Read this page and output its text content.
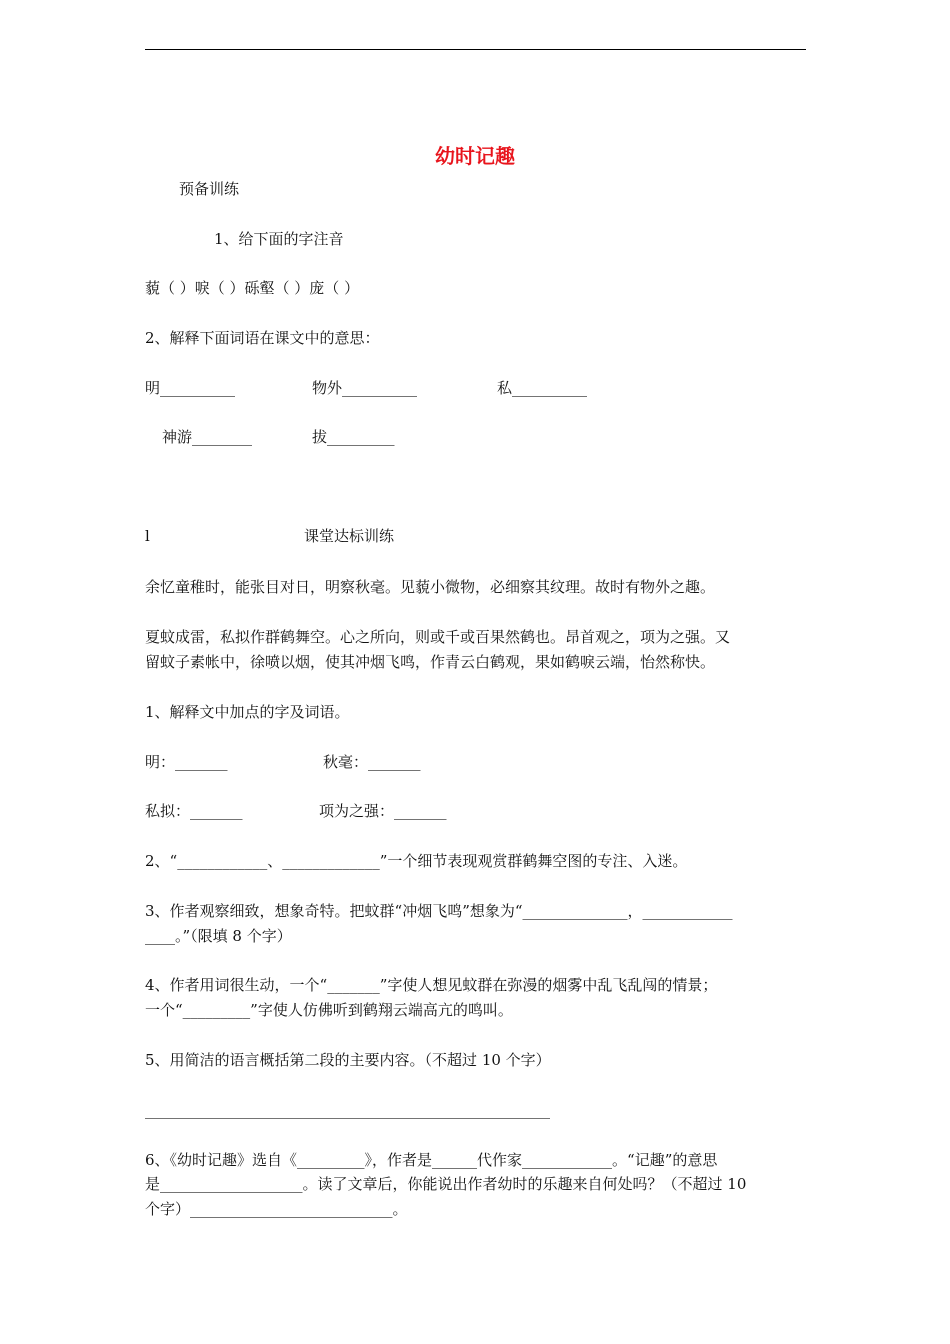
幼时记趣
预备训练
1、给下面的字注音
藐（ ）唳（ ）砾壑（ ）庞（ ）
2、解释下面词语在课文中的意思：
明__________	物外__________	私__________
神游________	拔_________
l	课堂达标训练
余忆童稚时，能张目对日，明察秋毫。见藐小微物，必细察其纹理。故时有物外之趣。
夏蚊成雷，私拟作群鹤舞空。心之所向，则或千或百果然鹤也。昂首观之，项为之强。又
留蚊子素帐中，徐喷以烟，使其冲烟飞鸣，作青云白鹤观，果如鹤唳云端，怡然称快。
1、解释文中加点的字及词语。
明：_______	秋毫：_______
私拟：_______	项为之强：_______
2、“____________、_____________”一个细节表现观赏群鹤舞空图的专注、入迷。
3、作者观察细致，想象奇特。把蚊群“冲烟飞鸣”想象为“______________，____________
____。”（限填 8 个字）
4、作者用词很生动，一个“_______”字使人想见蚊群在弥漫的烟雾中乱飞乱闯的情景；
一个“_________”字使人仿佛听到鹤翔云端高亢的鸣叫。
5、用简洁的语言概括第二段的主要内容。（不超过 10 个字）
______________________________________________________
6、《幼时记趣》选自《_________》，作者是______代作家____________。“记趣”的意思
是___________________。读了文章后，你能说出作者幼时的乐趣来自何处吗？（不超过 10
个字）___________________________。
